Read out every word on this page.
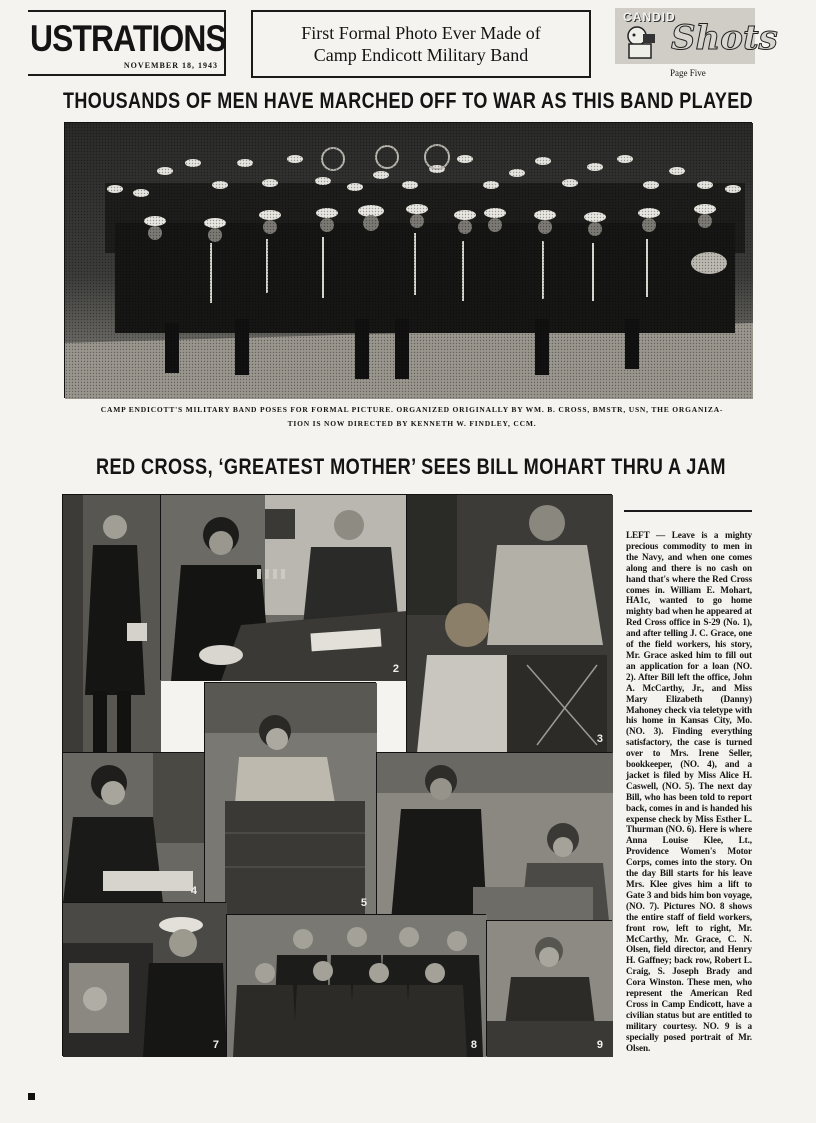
USTRATIONS
NOVEMBER 18, 1943
First Formal Photo Ever Made of
Camp Endicott Military Band
CANDID
Shots
Page Five
THOUSANDS OF MEN HAVE MARCHED OFF TO WAR AS THIS BAND PLAYED
CAMP ENDICOTT'S MILITARY BAND POSES FOR FORMAL PICTURE. ORGANIZED ORIGINALLY BY WM. B. CROSS, BMSTR, USN, THE ORGANIZA-
TION IS NOW DIRECTED BY KENNETH W. FINDLEY, CCM.
RED CROSS, ‘GREATEST MOTHER’ SEES BILL MOHART THRU A JAM
2
3
4
5
7	8	9
LEFT — Leave is a mighty precious commodity to men in the Navy, and when one comes along and there is no cash on hand that's where the Red Cross comes in. William E. Mohart, HA1c, wanted to go home mighty bad when he appeared at Red Cross office in S-29 (No. 1), and after telling J. C. Grace, one of the field workers, his story, Mr. Grace asked him to fill out an application for a loan (NO. 2). After Bill left the office, John A. McCarthy, Jr., and Miss Mary Elizabeth (Danny) Mahoney check via teletype with his home in Kansas City, Mo. (NO. 3). Finding everything satisfactory, the case is turned over to Mrs. Irene Seller, bookkeeper, (NO. 4), and a jacket is filed by Miss Alice H. Caswell, (NO. 5). The next day Bill, who has been told to report back, comes in and is handed his expense check by Miss Esther L. Thurman (NO. 6). Here is where Anna Louise Klee, Lt., Providence Women's Motor Corps, comes into the story. On the day Bill starts for his leave Mrs. Klee gives him a lift to Gate 3 and bids him bon voyage, (NO. 7). Pictures NO. 8 shows the entire staff of field workers, front row, left to right, Mr. McCarthy, Mr. Grace, C. N. Olsen, field director, and Henry H. Gaffney; back row, Robert L. Craig, S. Joseph Brady and Cora Winston. These men, who represent the American Red Cross in Camp Endicott, have a civilian status but are entitled to military courtesy. NO. 9 is a specially posed portrait of Mr. Olsen.
